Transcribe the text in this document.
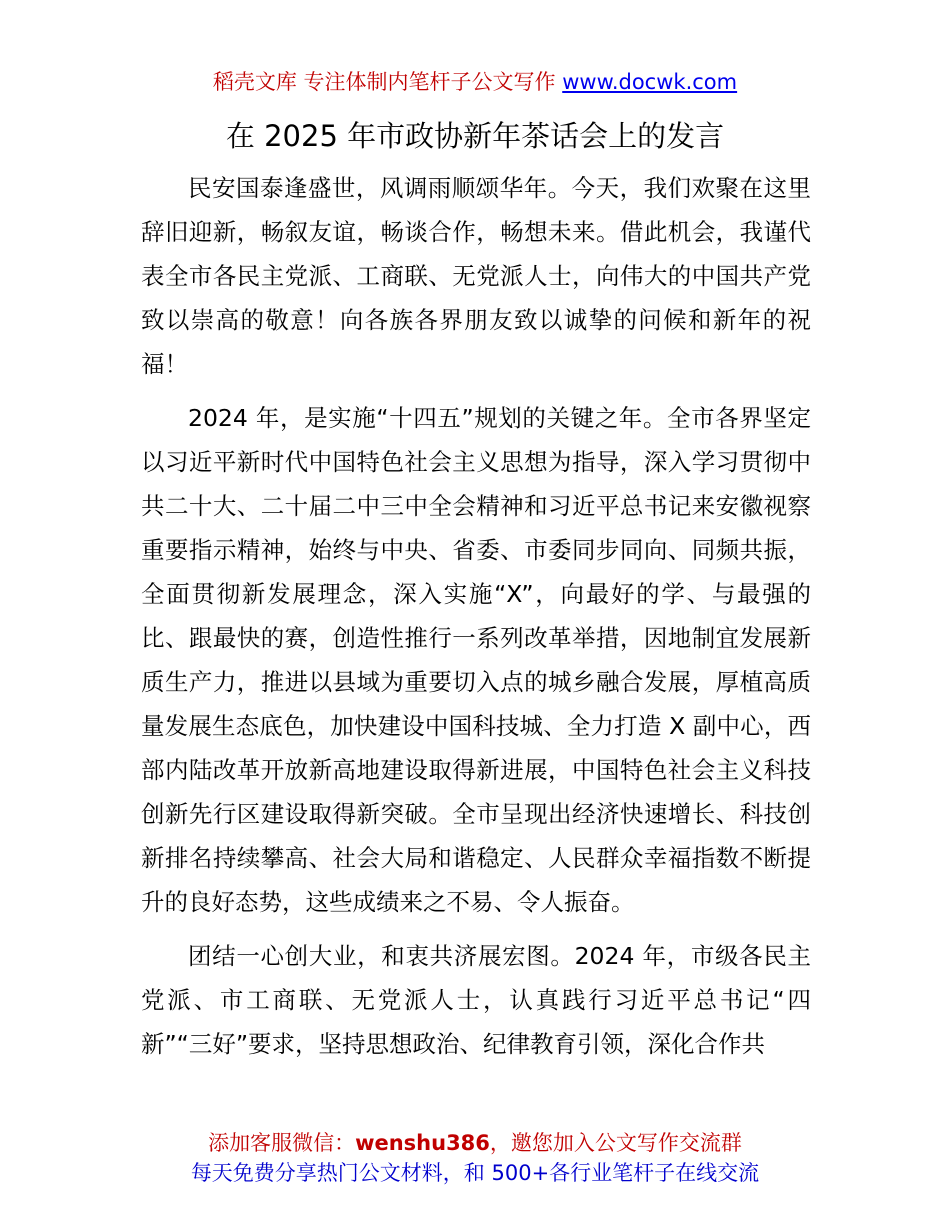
稻壳文库 专注体制内笔杆子公文写作 www.docwk.com
在 2025 年市政协新年茶话会上的发言

民安国泰逢盛世，风调雨顺颂华年。今天，我们欢聚在这里辞旧迎新，畅叙友谊，畅谈合作，畅想未来。借此机会，我谨代表全市各民主党派、工商联、无党派人士，向伟大的中国共产党致以崇高的敬意！向各族各界朋友致以诚挚的问候和新年的祝福！

2024 年，是实施“十四五”规划的关键之年。全市各界坚定以习近平新时代中国特色社会主义思想为指导，深入学习贯彻中共二十大、二十届二中三中全会精神和习近平总书记来安徽视察重要指示精神，始终与中央、省委、市委同步同向、同频共振，全面贯彻新发展理念，深入实施“X”，向最好的学、与最强的比、跟最快的赛，创造性推行一系列改革举措，因地制宜发展新质生产力，推进以县域为重要切入点的城乡融合发展，厚植高质量发展生态底色，加快建设中国科技城、全力打造 X 副中心，西部内陆改革开放新高地建设取得新进展，中国特色社会主义科技创新先行区建设取得新突破。全市呈现出经济快速增长、科技创新排名持续攀高、社会大局和谐稳定、人民群众幸福指数不断提升的良好态势，这些成绩来之不易、令人振奋。

团结一心创大业，和衷共济展宏图。2024 年，市级各民主党派、市工商联、无党派人士，认真践行习近平总书记“四新”“三好”要求，坚持思想政治、纪律教育引领，深化合作共

添加客服微信：wenshu386，邀您加入公文写作交流群
每天免费分享热门公文材料，和 500+各行业笔杆子在线交流
